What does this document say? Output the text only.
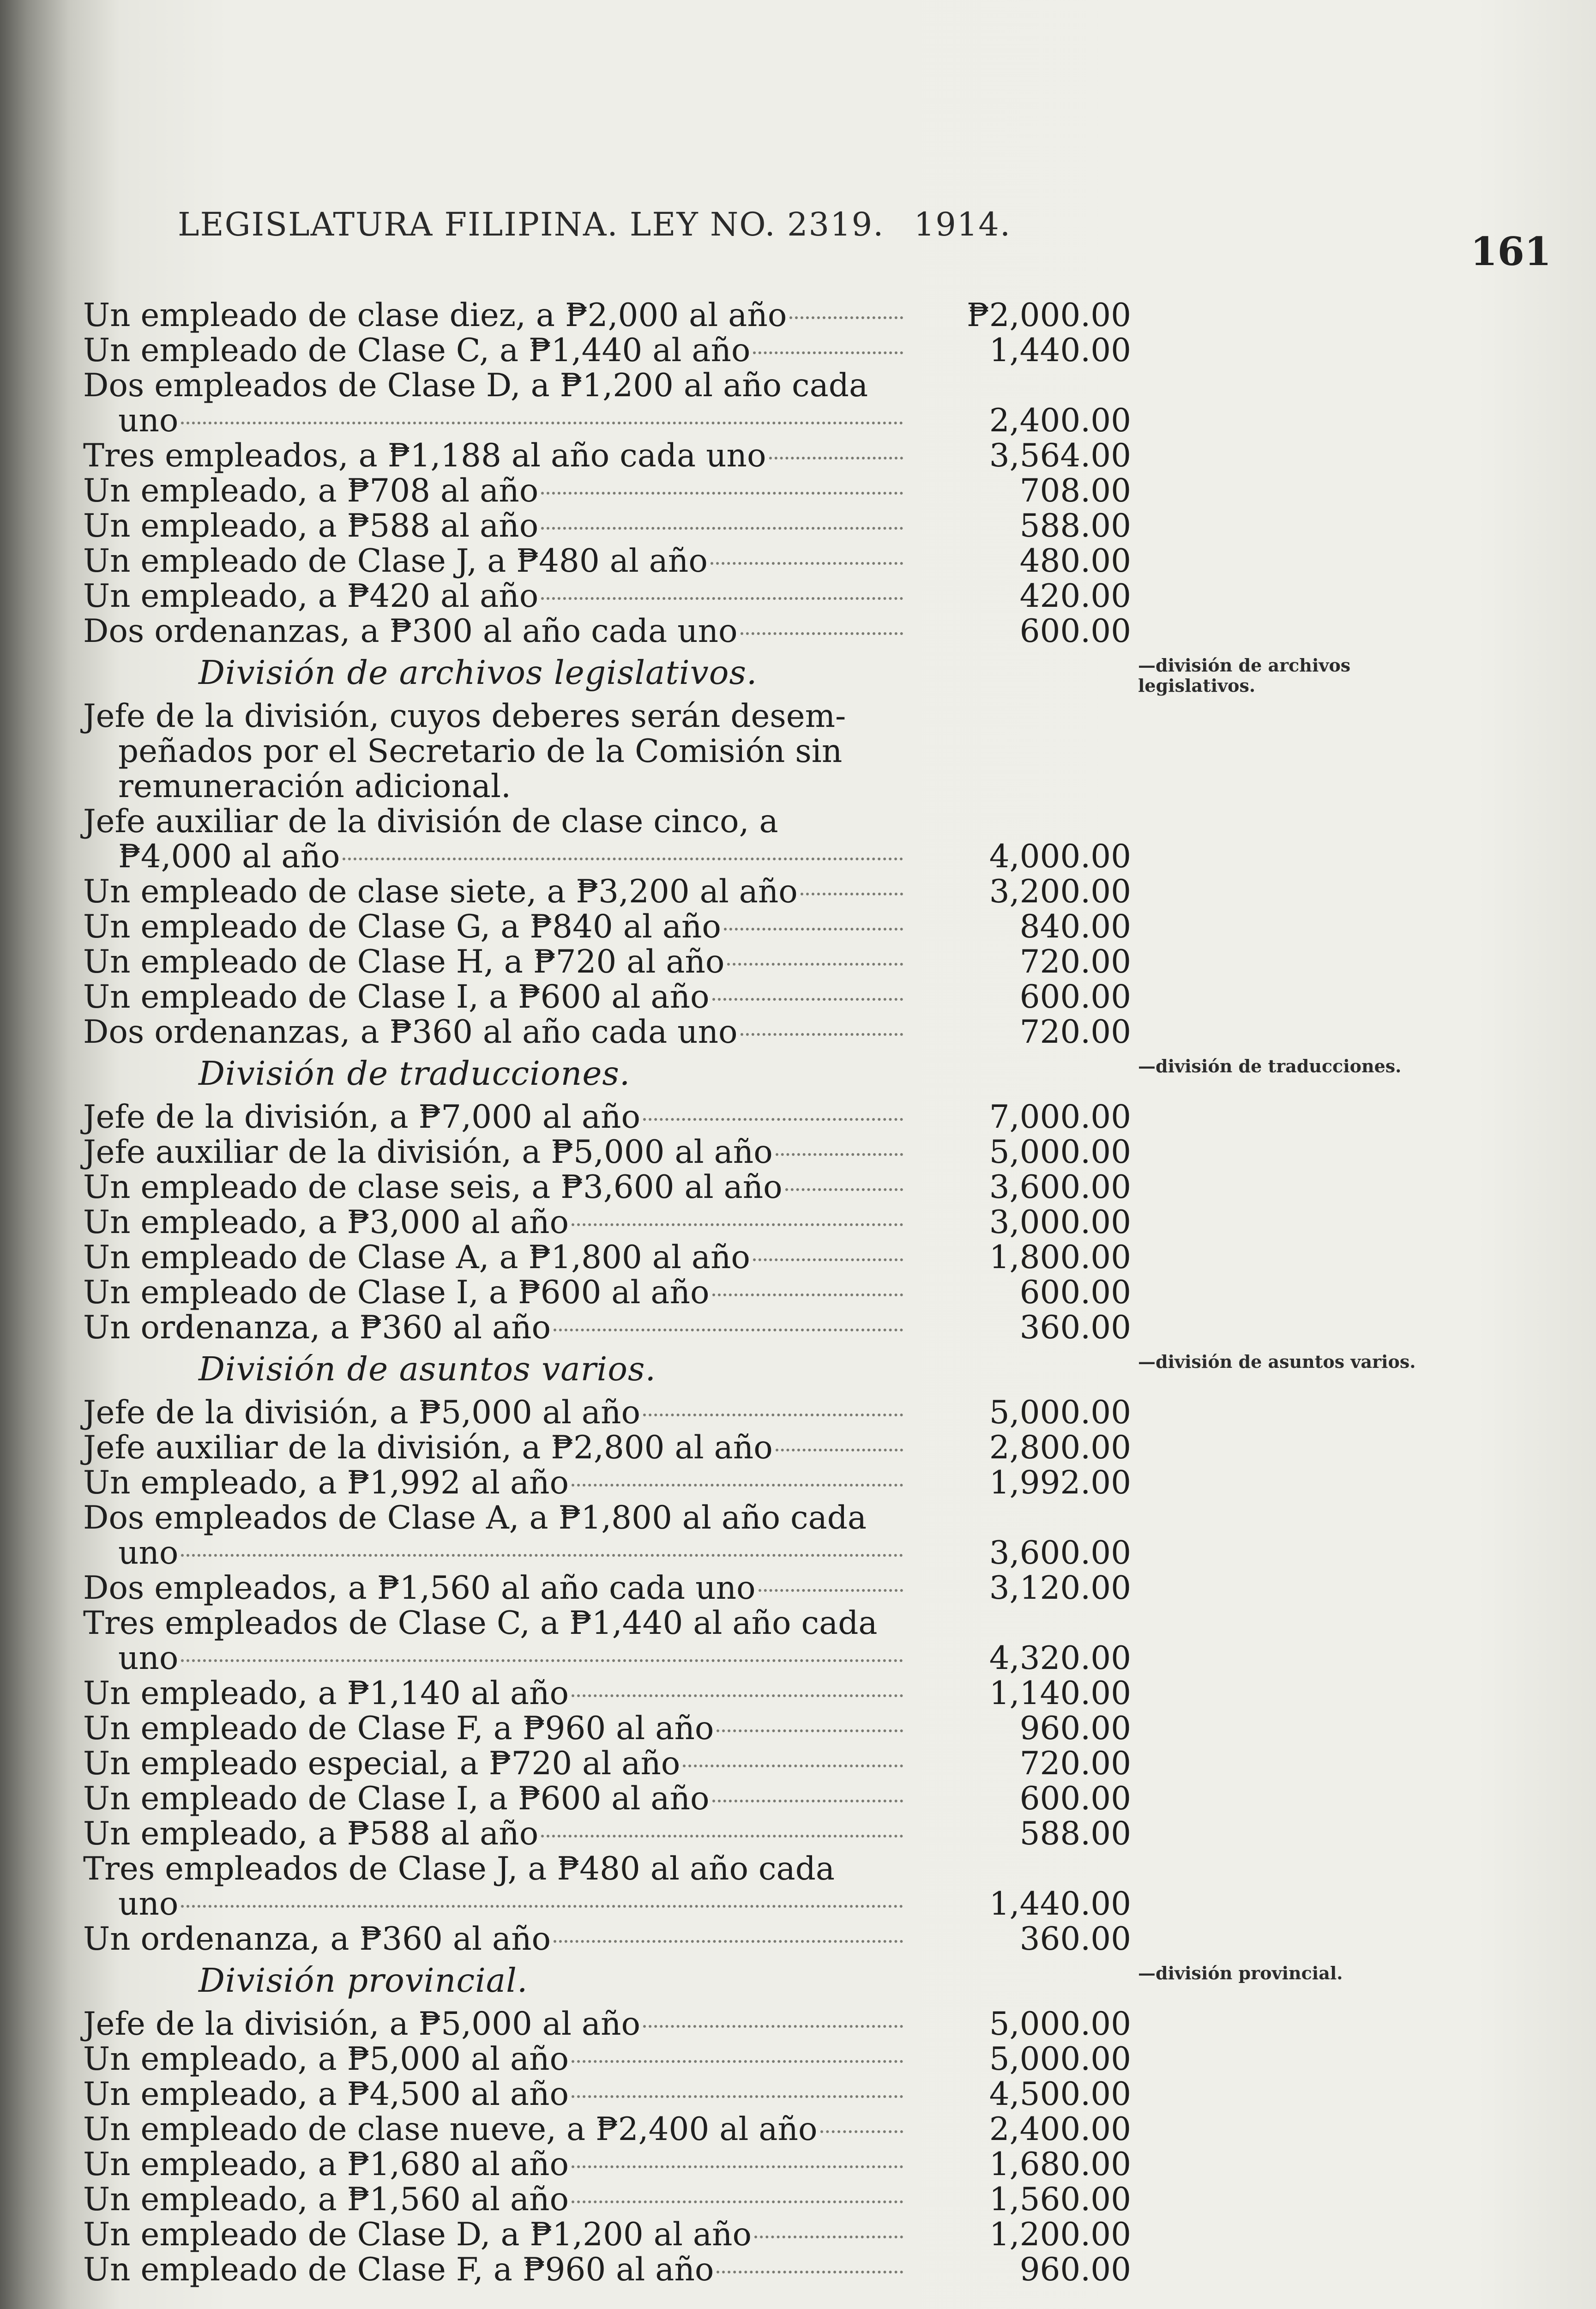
LEGISLATURA FILIPINA. LEY NO. 2319. 1914.
161
Un empleado de clase diez, a ₱2,000 al año	₱2,000.00
Un empleado de Clase C, a ₱1,440 al año	1,440.00
Dos empleados de Clase D, a ₱1,200 al año cada
uno	2,400.00
Tres empleados, a ₱1,188 al año cada uno	3,564.00
Un empleado, a ₱708 al año	708.00
Un empleado, a ₱588 al año	588.00
Un empleado de Clase J, a ₱480 al año	480.00
Un empleado, a ₱420 al año	420.00
Dos ordenanzas, a ₱300 al año cada uno	600.00
División de archivos legislativos.
Jefe de la división, cuyos deberes serán desem-
peñados por el Secretario de la Comisión sin
remuneración adicional.
Jefe auxiliar de la división de clase cinco, a
₱4,000 al año	4,000.00
Un empleado de clase siete, a ₱3,200 al año	3,200.00
Un empleado de Clase G, a ₱840 al año	840.00
Un empleado de Clase H, a ₱720 al año	720.00
Un empleado de Clase I, a ₱600 al año	600.00
Dos ordenanzas, a ₱360 al año cada uno	720.00
División de traducciones.
Jefe de la división, a ₱7,000 al año	7,000.00
Jefe auxiliar de la división, a ₱5,000 al año	5,000.00
Un empleado de clase seis, a ₱3,600 al año	3,600.00
Un empleado, a ₱3,000 al año	3,000.00
Un empleado de Clase A, a ₱1,800 al año	1,800.00
Un empleado de Clase I, a ₱600 al año	600.00
Un ordenanza, a ₱360 al año	360.00
División de asuntos varios.
Jefe de la división, a ₱5,000 al año	5,000.00
Jefe auxiliar de la división, a ₱2,800 al año	2,800.00
Un empleado, a ₱1,992 al año	1,992.00
Dos empleados de Clase A, a ₱1,800 al año cada
uno	3,600.00
Dos empleados, a ₱1,560 al año cada uno	3,120.00
Tres empleados de Clase C, a ₱1,440 al año cada
uno	4,320.00
Un empleado, a ₱1,140 al año	1,140.00
Un empleado de Clase F, a ₱960 al año	960.00
Un empleado especial, a ₱720 al año	720.00
Un empleado de Clase I, a ₱600 al año	600.00
Un empleado, a ₱588 al año	588.00
Tres empleados de Clase J, a ₱480 al año cada
uno	1,440.00
Un ordenanza, a ₱360 al año	360.00
División provincial.
Jefe de la división, a ₱5,000 al año	5,000.00
Un empleado, a ₱5,000 al año	5,000.00
Un empleado, a ₱4,500 al año	4,500.00
Un empleado de clase nueve, a ₱2,400 al año	2,400.00
Un empleado, a ₱1,680 al año	1,680.00
Un empleado, a ₱1,560 al año	1,560.00
Un empleado de Clase D, a ₱1,200 al año	1,200.00
Un empleado de Clase F, a ₱960 al año	960.00
—división de archivos legislativos.
—división de traducciones.
—división de asuntos varios.
—división provincial.
